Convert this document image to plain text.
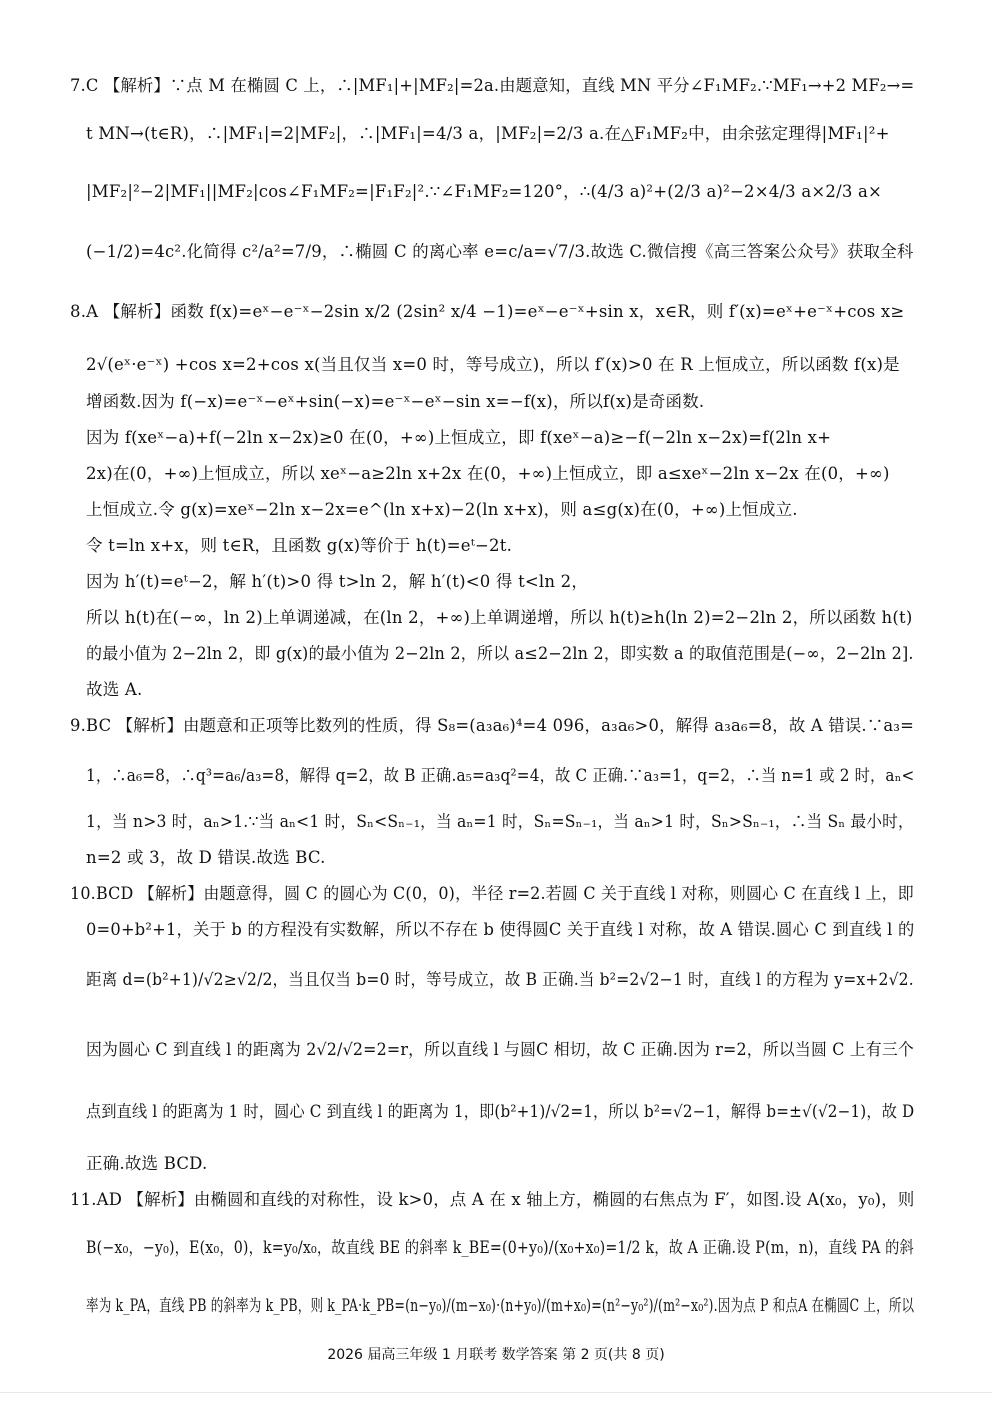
7.C 【解析】∵点 M 在椭圆 C 上，∴|MF₁|+|MF₂|=2a.由题意知，直线 MN 平分∠F₁MF₂.∵MF₁→+2 MF₂→=
t MN→(t∈R)，∴|MF₁|=2|MF₂|，∴|MF₁|=4/3 a，|MF₂|=2/3 a.在△F₁MF₂中，由余弦定理得|MF₁|²+
|MF₂|²−2|MF₁||MF₂|cos∠F₁MF₂=|F₁F₂|².∵∠F₁MF₂=120°，∴(4/3 a)²+(2/3 a)²−2×4/3 a×2/3 a×
(−1/2)=4c².化简得 c²/a²=7/9，∴椭圆 C 的离心率 e=c/a=√7/3.故选 C.微信搜《高三答案公众号》获取全科
8.A 【解析】函数 f(x)=eˣ−e⁻ˣ−2sin x/2 (2sin² x/4 −1)=eˣ−e⁻ˣ+sin x，x∈R，则 f′(x)=eˣ+e⁻ˣ+cos x≥
2√(eˣ·e⁻ˣ) +cos x=2+cos x(当且仅当 x=0 时，等号成立)，所以 f′(x)>0 在 R 上恒成立，所以函数 f(x)是
增函数.因为 f(−x)=e⁻ˣ−eˣ+sin(−x)=e⁻ˣ−eˣ−sin x=−f(x)，所以f(x)是奇函数.
因为 f(xeˣ−a)+f(−2ln x−2x)≥0 在(0，+∞)上恒成立，即 f(xeˣ−a)≥−f(−2ln x−2x)=f(2ln x+
2x)在(0，+∞)上恒成立，所以 xeˣ−a≥2ln x+2x 在(0，+∞)上恒成立，即 a≤xeˣ−2ln x−2x 在(0，+∞)
上恒成立.令 g(x)=xeˣ−2ln x−2x=e^(ln x+x)−2(ln x+x)，则 a≤g(x)在(0，+∞)上恒成立.
令 t=ln x+x，则 t∈R，且函数 g(x)等价于 h(t)=eᵗ−2t.
因为 h′(t)=eᵗ−2，解 h′(t)>0 得 t>ln 2，解 h′(t)<0 得 t<ln 2，
所以 h(t)在(−∞，ln 2)上单调递减，在(ln 2，+∞)上单调递增，所以 h(t)≥h(ln 2)=2−2ln 2，所以函数 h(t)
的最小值为 2−2ln 2，即 g(x)的最小值为 2−2ln 2，所以 a≤2−2ln 2，即实数 a 的取值范围是(−∞，2−2ln 2].
故选 A.
9.BC 【解析】由题意和正项等比数列的性质，得 S₈=(a₃a₆)⁴=4 096，a₃a₆>0，解得 a₃a₆=8，故 A 错误.∵a₃=
1，∴a₆=8，∴q³=a₆/a₃=8，解得 q=2，故 B 正确.a₅=a₃q²=4，故 C 正确.∵a₃=1，q=2，∴当 n=1 或 2 时，aₙ<
1，当 n>3 时，aₙ>1.∵当 aₙ<1 时，Sₙ<Sₙ₋₁，当 aₙ=1 时，Sₙ=Sₙ₋₁，当 aₙ>1 时，Sₙ>Sₙ₋₁，∴当 Sₙ 最小时，
n=2 或 3，故 D 错误.故选 BC.
10.BCD 【解析】由题意得，圆 C 的圆心为 C(0，0)，半径 r=2.若圆 C 关于直线 l 对称，则圆心 C 在直线 l 上，即
0=0+b²+1，关于 b 的方程没有实数解，所以不存在 b 使得圆C 关于直线 l 对称，故 A 错误.圆心 C 到直线 l 的
距离 d=(b²+1)/√2≥√2/2，当且仅当 b=0 时，等号成立，故 B 正确.当 b²=2√2−1 时，直线 l 的方程为 y=x+2√2.
因为圆心 C 到直线 l 的距离为 2√2/√2=2=r，所以直线 l 与圆C 相切，故 C 正确.因为 r=2，所以当圆 C 上有三个
点到直线 l 的距离为 1 时，圆心 C 到直线 l 的距离为 1，即(b²+1)/√2=1，所以 b²=√2−1，解得 b=±√(√2−1)，故 D
正确.故选 BCD.
11.AD 【解析】由椭圆和直线的对称性，设 k>0，点 A 在 x 轴上方，椭圆的右焦点为 F′，如图.设 A(x₀，y₀)，则
B(−x₀，−y₀)，E(x₀，0)，k=y₀/x₀，故直线 BE 的斜率 k_BE=(0+y₀)/(x₀+x₀)=1/2 k，故 A 正确.设 P(m，n)，直线 PA 的斜
率为 k_PA，直线 PB 的斜率为 k_PB，则 k_PA·k_PB=(n−y₀)/(m−x₀)·(n+y₀)/(m+x₀)=(n²−y₀²)/(m²−x₀²).因为点 P 和点A 在椭圆C 上，所以
2026 届高三年级 1 月联考 数学答案 第 2 页(共 8 页)
